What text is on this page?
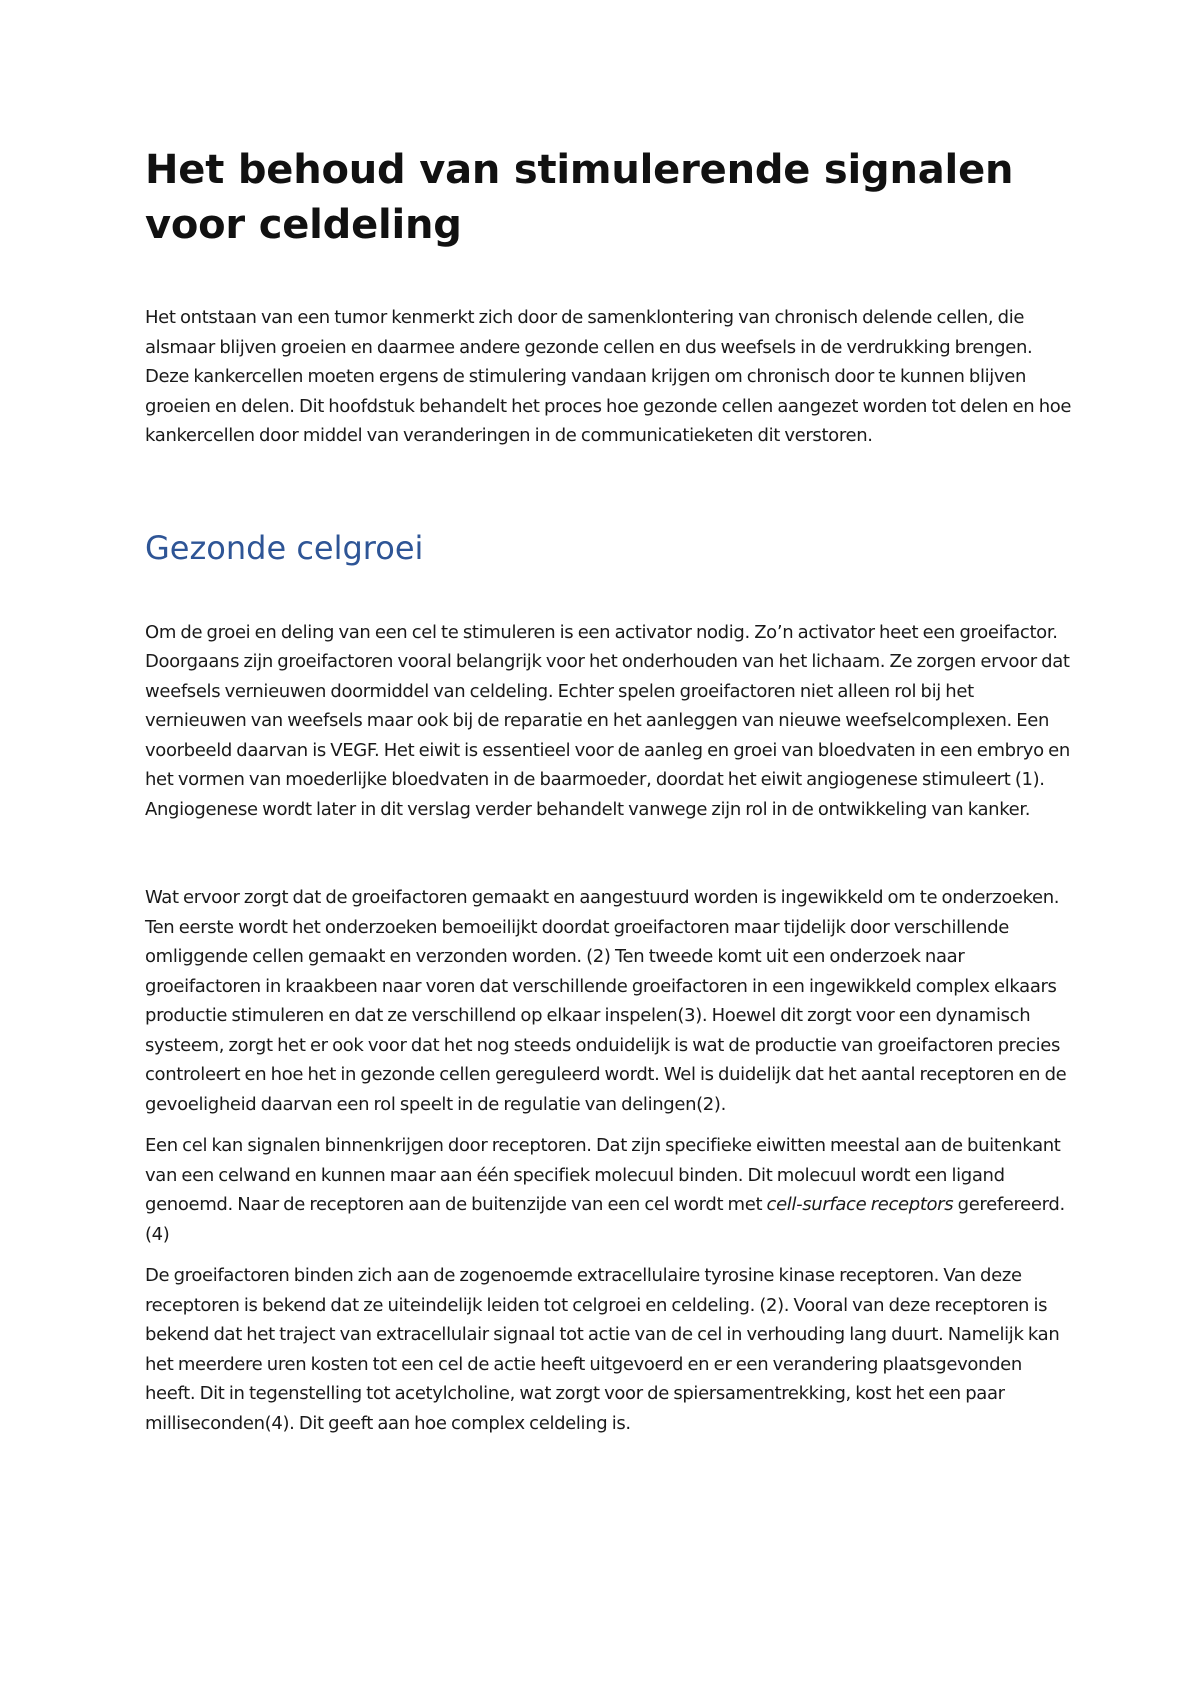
Het behoud van stimulerende signalen voor celdeling

Het ontstaan van een tumor kenmerkt zich door de samenklontering van chronisch delende cellen, die alsmaar blijven groeien en daarmee andere gezonde cellen en dus weefsels in de verdrukking brengen. Deze kankercellen moeten ergens de stimulering vandaan krijgen om chronisch door te kunnen blijven groeien en delen. Dit hoofdstuk behandelt het proces hoe gezonde cellen aangezet worden tot delen en hoe kankercellen door middel van veranderingen in de communicatieketen dit verstoren.

Gezonde celgroei

Om de groei en deling van een cel te stimuleren is een activator nodig. Zo’n activator heet een groeifactor. Doorgaans zijn groeifactoren vooral belangrijk voor het onderhouden van het lichaam. Ze zorgen ervoor dat weefsels vernieuwen doormiddel van celdeling. Echter spelen groeifactoren niet alleen rol bij het vernieuwen van weefsels maar ook bij de reparatie en het aanleggen van nieuwe weefselcomplexen. Een voorbeeld daarvan is VEGF. Het eiwit is essentieel voor de aanleg en groei van bloedvaten in een embryo en het vormen van moederlijke bloedvaten in de baarmoeder, doordat het eiwit angiogenese stimuleert (1). Angiogenese wordt later in dit verslag verder behandelt vanwege zijn rol in de ontwikkeling van kanker.

Wat ervoor zorgt dat de groeifactoren gemaakt en aangestuurd worden is ingewikkeld om te onderzoeken. Ten eerste wordt het onderzoeken bemoeilijkt doordat groeifactoren maar tijdelijk door verschillende omliggende cellen gemaakt en verzonden worden. (2) Ten tweede komt uit een onderzoek naar groeifactoren in kraakbeen naar voren dat verschillende groeifactoren in een ingewikkeld complex elkaars productie stimuleren en dat ze verschillend op elkaar inspelen(3). Hoewel dit zorgt voor een dynamisch systeem, zorgt het er ook voor dat het nog steeds onduidelijk is wat de productie van groeifactoren precies controleert en hoe het in gezonde cellen gereguleerd wordt. Wel is duidelijk dat het aantal receptoren en de gevoeligheid daarvan een rol speelt in de regulatie van delingen(2).

Een cel kan signalen binnenkrijgen door receptoren. Dat zijn specifieke eiwitten meestal aan de buitenkant van een celwand en kunnen maar aan één specifiek molecuul binden. Dit molecuul wordt een ligand genoemd. Naar de receptoren aan de buitenzijde van een cel wordt met cell-surface receptors gerefereerd. (4)

De groeifactoren binden zich aan de zogenoemde extracellulaire tyrosine kinase receptoren. Van deze receptoren is bekend dat ze uiteindelijk leiden tot celgroei en celdeling. (2). Vooral van deze receptoren is bekend dat het traject van extracellulair signaal tot actie van de cel in verhouding lang duurt. Namelijk kan het meerdere uren kosten tot een cel de actie heeft uitgevoerd en er een verandering plaatsgevonden heeft. Dit in tegenstelling tot acetylcholine, wat zorgt voor de spiersamentrekking, kost het een paar milliseconden(4). Dit geeft aan hoe complex celdeling is.
